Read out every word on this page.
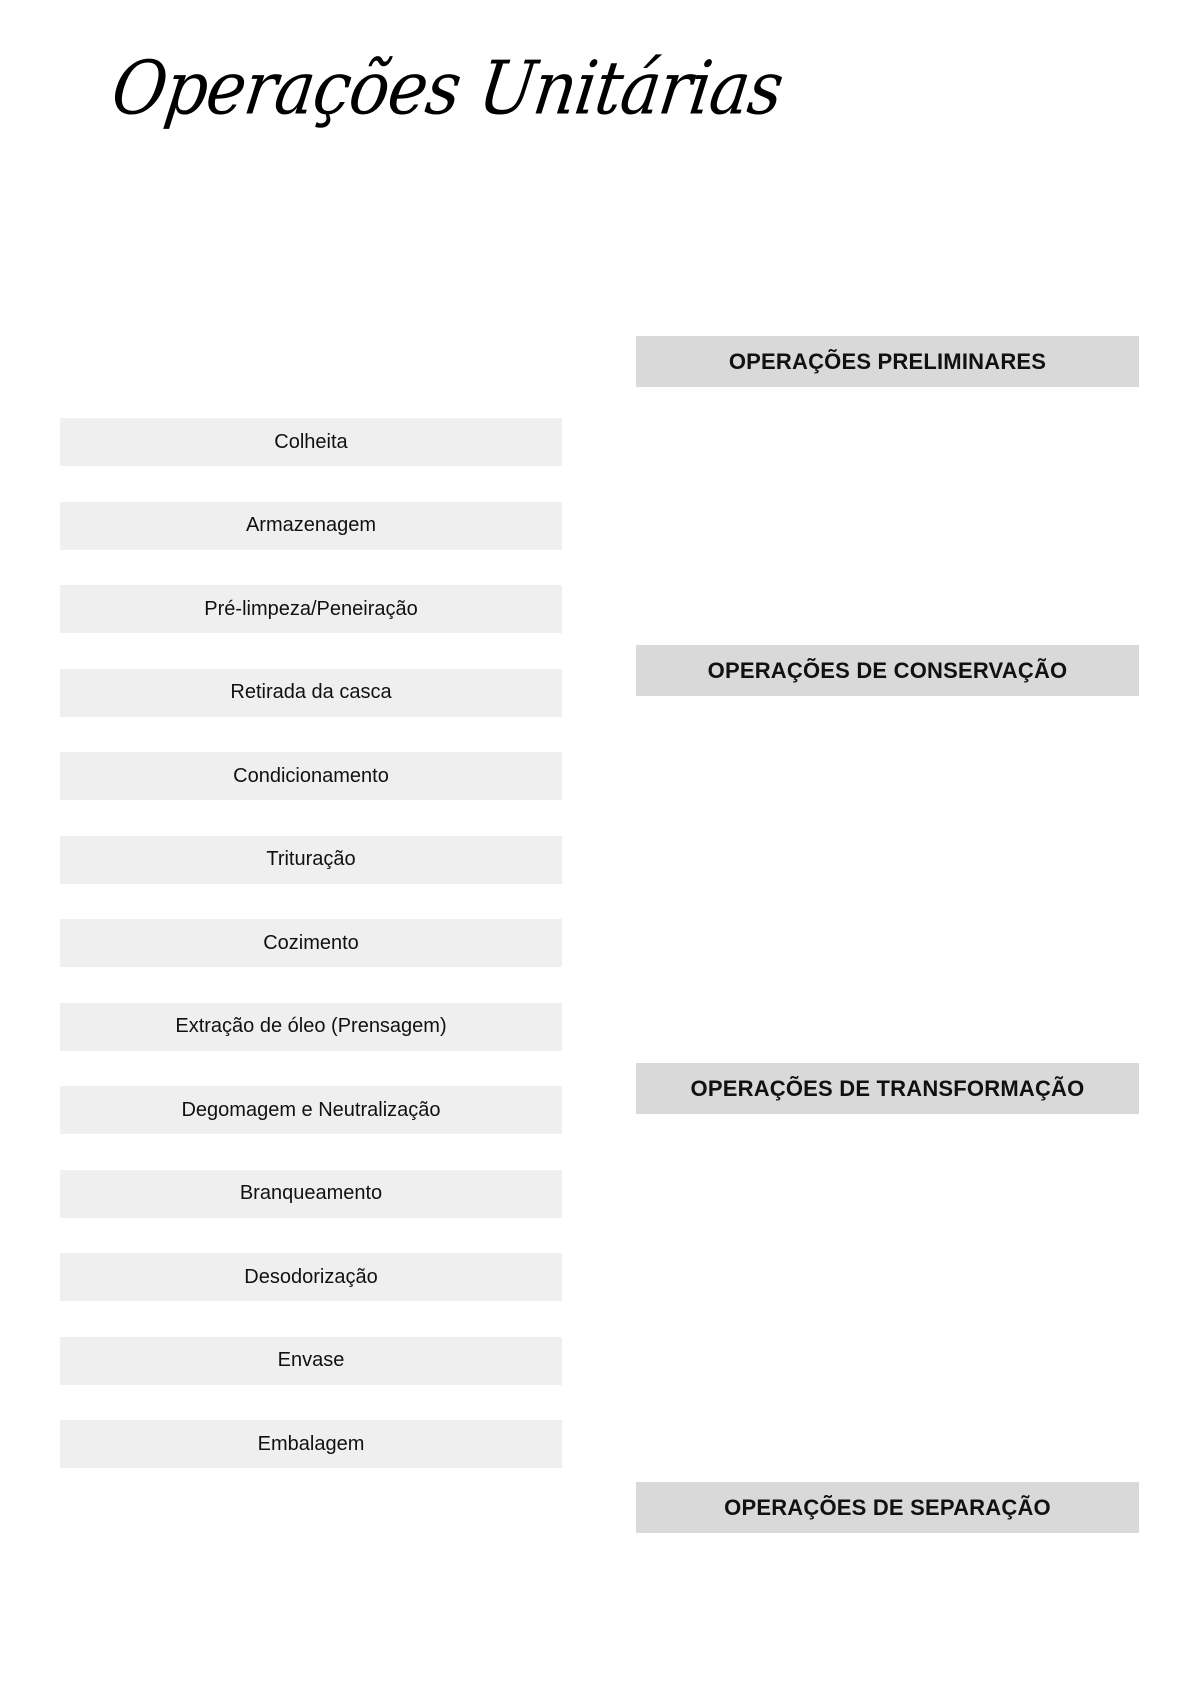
Operações Unitárias
Colheita
Armazenagem
Pré-limpeza/Peneiração
Retirada da casca
Condicionamento
Trituração
Cozimento
Extração de óleo (Prensagem)
Degomagem e Neutralização
Branqueamento
Desodorização
Envase
Embalagem
OPERAÇÕES PRELIMINARES
OPERAÇÕES DE CONSERVAÇÃO
OPERAÇÕES DE TRANSFORMAÇÃO
OPERAÇÕES DE SEPARAÇÃO
